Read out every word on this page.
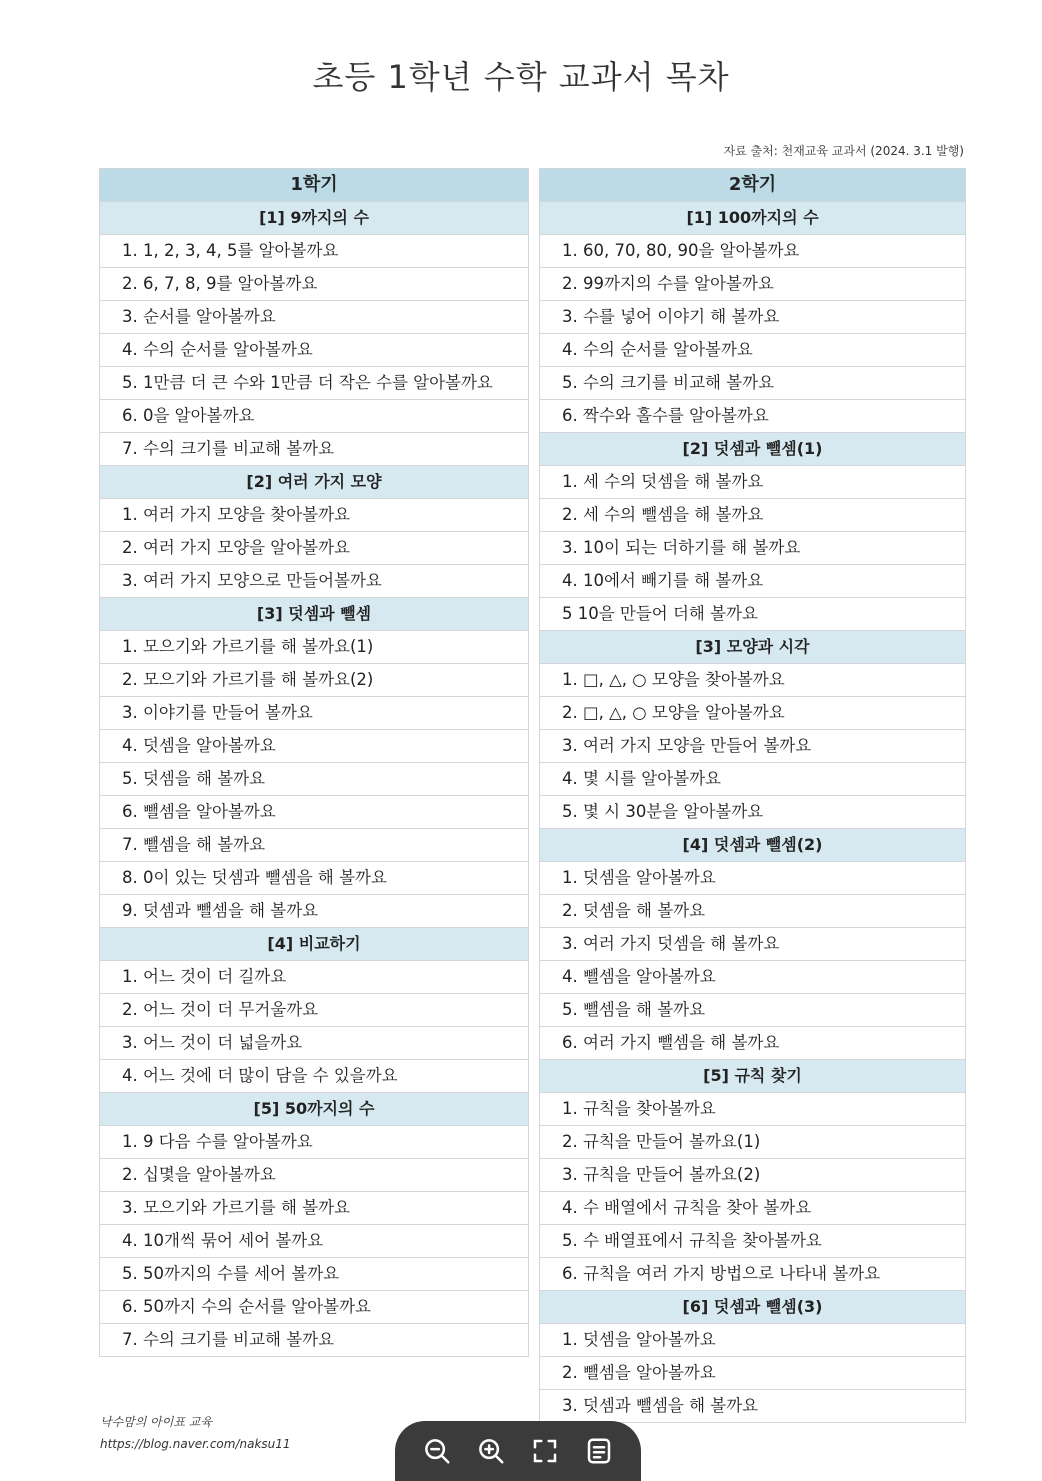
초등 1학년 수학 교과서 목차
자료 출처: 천재교육 교과서 (2024. 3.1 발행)
1학기
[1] 9까지의 수
1. 1, 2, 3, 4, 5를 알아볼까요
2. 6, 7, 8, 9를 알아볼까요
3. 순서를 알아볼까요
4. 수의 순서를 알아볼까요
5. 1만큼 더 큰 수와 1만큼 더 작은 수를 알아볼까요
6. 0을 알아볼까요
7. 수의 크기를 비교해 볼까요
[2] 여러 가지 모양
1. 여러 가지 모양을 찾아볼까요
2. 여러 가지 모양을 알아볼까요
3. 여러 가지 모양으로 만들어볼까요
[3] 덧셈과 뺄셈
1. 모으기와 가르기를 해 볼까요(1)
2. 모으기와 가르기를 해 볼까요(2)
3. 이야기를 만들어 볼까요
4. 덧셈을 알아볼까요
5. 덧셈을 해 볼까요
6. 뺄셈을 알아볼까요
7. 뺄셈을 해 볼까요
8. 0이 있는 덧셈과 뺄셈을 해 볼까요
9. 덧셈과 뺄셈을 해 볼까요
[4] 비교하기
1. 어느 것이 더 길까요
2. 어느 것이 더 무거울까요
3. 어느 것이 더 넓을까요
4. 어느 것에 더 많이 담을 수 있을까요
[5] 50까지의 수
1. 9 다음 수를 알아볼까요
2. 십몇을 알아볼까요
3. 모으기와 가르기를 해 볼까요
4. 10개씩 묶어 세어 볼까요
5. 50까지의 수를 세어 볼까요
6. 50까지 수의 순서를 알아볼까요
7. 수의 크기를 비교해 볼까요
2학기
[1] 100까지의 수
1. 60, 70, 80, 90을 알아볼까요
2. 99까지의 수를 알아볼까요
3. 수를 넣어 이야기 해 볼까요
4. 수의 순서를 알아볼까요
5. 수의 크기를 비교해 볼까요
6. 짝수와 홀수를 알아볼까요
[2] 덧셈과 뺄셈(1)
1. 세 수의 덧셈을 해 볼까요
2. 세 수의 뺄셈을 해 볼까요
3. 10이 되는 더하기를 해 볼까요
4. 10에서 빼기를 해 볼까요
5 10을 만들어 더해 볼까요
[3] 모양과 시각
1. □, △, ○ 모양을 찾아볼까요
2. □, △, ○ 모양을 알아볼까요
3. 여러 가지 모양을 만들어 볼까요
4. 몇 시를 알아볼까요
5. 몇 시 30분을 알아볼까요
[4] 덧셈과 뺄셈(2)
1. 덧셈을 알아볼까요
2. 덧셈을 해 볼까요
3. 여러 가지 덧셈을 해 볼까요
4. 뺄셈을 알아볼까요
5. 뺄셈을 해 볼까요
6. 여러 가지 뺄셈을 해 볼까요
[5] 규칙 찾기
1. 규칙을 찾아볼까요
2. 규칙을 만들어 볼까요(1)
3. 규칙을 만들어 볼까요(2)
4. 수 배열에서 규칙을 찾아 볼까요
5. 수 배열표에서 규칙을 찾아볼까요
6. 규칙을 여러 가지 방법으로 나타내 볼까요
[6] 덧셈과 뺄셈(3)
1. 덧셈을 알아볼까요
2. 뺄셈을 알아볼까요
3. 덧셈과 뺄셈을 해 볼까요
낙수맘의 아이표 교육
https://blog.naver.com/naksu11
